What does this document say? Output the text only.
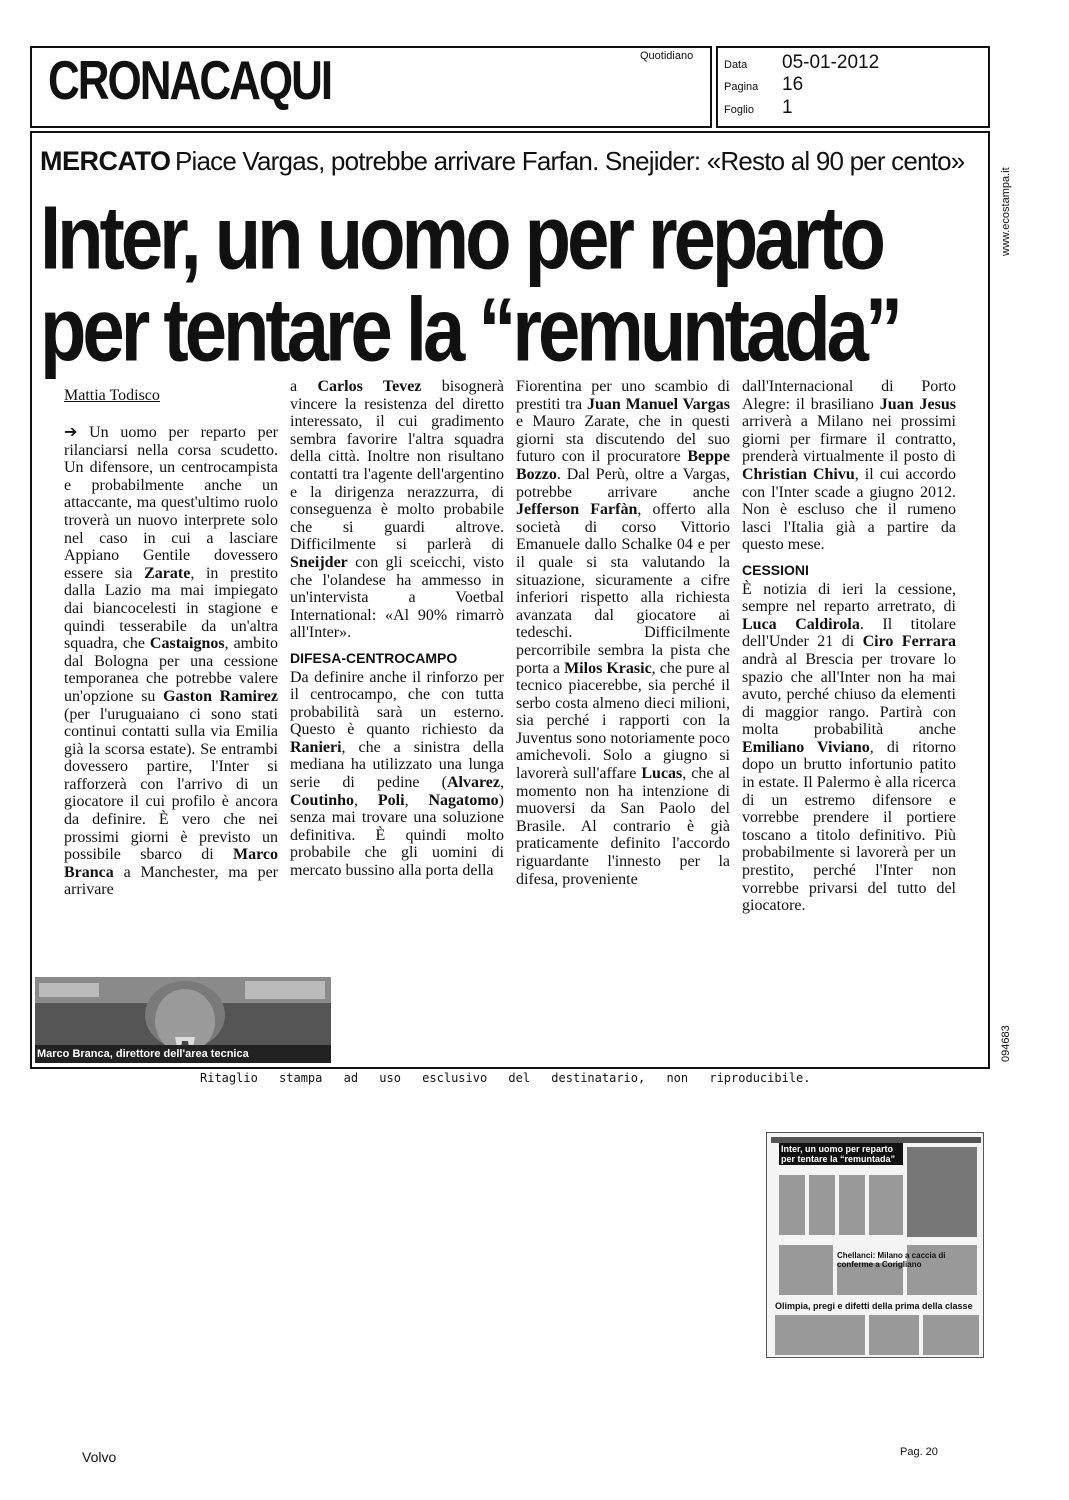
CRONACAQUI	Quotidiano
Data 05-01-2012
Pagina 16
Foglio 1
www.ecostampa.it
094683
MERCATO Piace Vargas, potrebbe arrivare Farfan. Snejider: «Resto al 90 per cento»
Inter, un uomo per reparto
per tentare la “remuntada”
Mattia Todisco

➔ Un uomo per reparto per rilanciarsi nella corsa scudetto. Un difensore, un centrocampista e probabilmente anche un attaccante, ma quest'ultimo ruolo troverà un nuovo interprete solo nel caso in cui a lasciare Appiano Gentile dovessero essere sia Zarate, in prestito dalla Lazio ma mai impiegato dai biancocelesti in stagione e quindi tesserabile da un'altra squadra, che Castaignos, ambito dal Bologna per una cessione temporanea che potrebbe valere un'opzione su Gaston Ramirez (per l'uruguaiano ci sono stati continui contatti sulla via Emilia già la scorsa estate). Se entrambi dovessero partire, l'Inter si rafforzerà con l'arrivo di un giocatore il cui profilo è ancora da definire. È vero che nei prossimi giorni è previsto un possibile sbarco di Marco Branca a Manchester, ma per arrivare

a Carlos Tevez bisognerà vincere la resistenza del diretto interessato, il cui gradimento sembra favorire l'altra squadra della città. Inoltre non risultano contatti tra l'agente dell'argentino e la dirigenza nerazzurra, di conseguenza è molto probabile che si guardi altrove. Difficilmente si parlerà di Sneijder con gli sceicchi, visto che l'olandese ha ammesso in un'intervista a Voetbal International: «Al 90% rimarrò all'Inter».

DIFESA-CENTROCAMPO

Da definire anche il rinforzo per il centrocampo, che con tutta probabilità sarà un esterno. Questo è quanto richiesto da Ranieri, che a sinistra della mediana ha utilizzato una lunga serie di pedine (Alvarez, Coutinho, Poli, Nagatomo) senza mai trovare una soluzione definitiva. È quindi molto probabile che gli uomini di mercato bussino alla porta della

Fiorentina per uno scambio di prestiti tra Juan Manuel Vargas e Mauro Zarate, che in questi giorni sta discutendo del suo futuro con il procuratore Beppe Bozzo. Dal Perù, oltre a Vargas, potrebbe arrivare anche Jefferson Farfàn, offerto alla società di corso Vittorio Emanuele dallo Schalke 04 e per il quale si sta valutando la situazione, sicuramente a cifre inferiori rispetto alla richiesta avanzata dal giocatore ai tedeschi. Difficilmente percorribile sembra la pista che porta a Milos Krasic, che pure al tecnico piacerebbe, sia perché il serbo costa almeno dieci milioni, sia perché i rapporti con la Juventus sono notoriamente poco amichevoli. Solo a giugno si lavorerà sull'affare Lucas, che al momento non ha intenzione di muoversi da San Paolo del Brasile. Al contrario è già praticamente definito l'accordo riguardante l'innesto per la difesa, proveniente

dall'Internacional di Porto Alegre: il brasiliano Juan Jesus arriverà a Milano nei prossimi giorni per firmare il contratto, prenderà virtualmente il posto di Christian Chivu, il cui accordo con l'Inter scade a giugno 2012. Non è escluso che il rumeno lasci l'Italia già a partire da questo mese.

CESSIONI

È notizia di ieri la cessione, sempre nel reparto arretrato, di Luca Caldirola. Il titolare dell'Under 21 di Ciro Ferrara andrà al Brescia per trovare lo spazio che all'Inter non ha mai avuto, perché chiuso da elementi di maggior rango. Partirà con molta probabilità anche Emiliano Viviano, di ritorno dopo un brutto infortunio patito in estate. Il Palermo è alla ricerca di un estremo difensore e vorrebbe prendere il portiere toscano a titolo definitivo. Più probabilmente si lavorerà per un prestito, perché l'Inter non vorrebbe privarsi del tutto del giocatore.

Marco Branca, direttore dell'area tecnica
Inter, un uomo per reparto per tentare la “remuntada”
Chellanci: Milano a caccia di conferme a Corigliano
Olimpia, pregi e difetti della prima della classe
Ritaglio stampa ad uso esclusivo del destinatario, non riproducibile.
Volvo	Pag. 20
